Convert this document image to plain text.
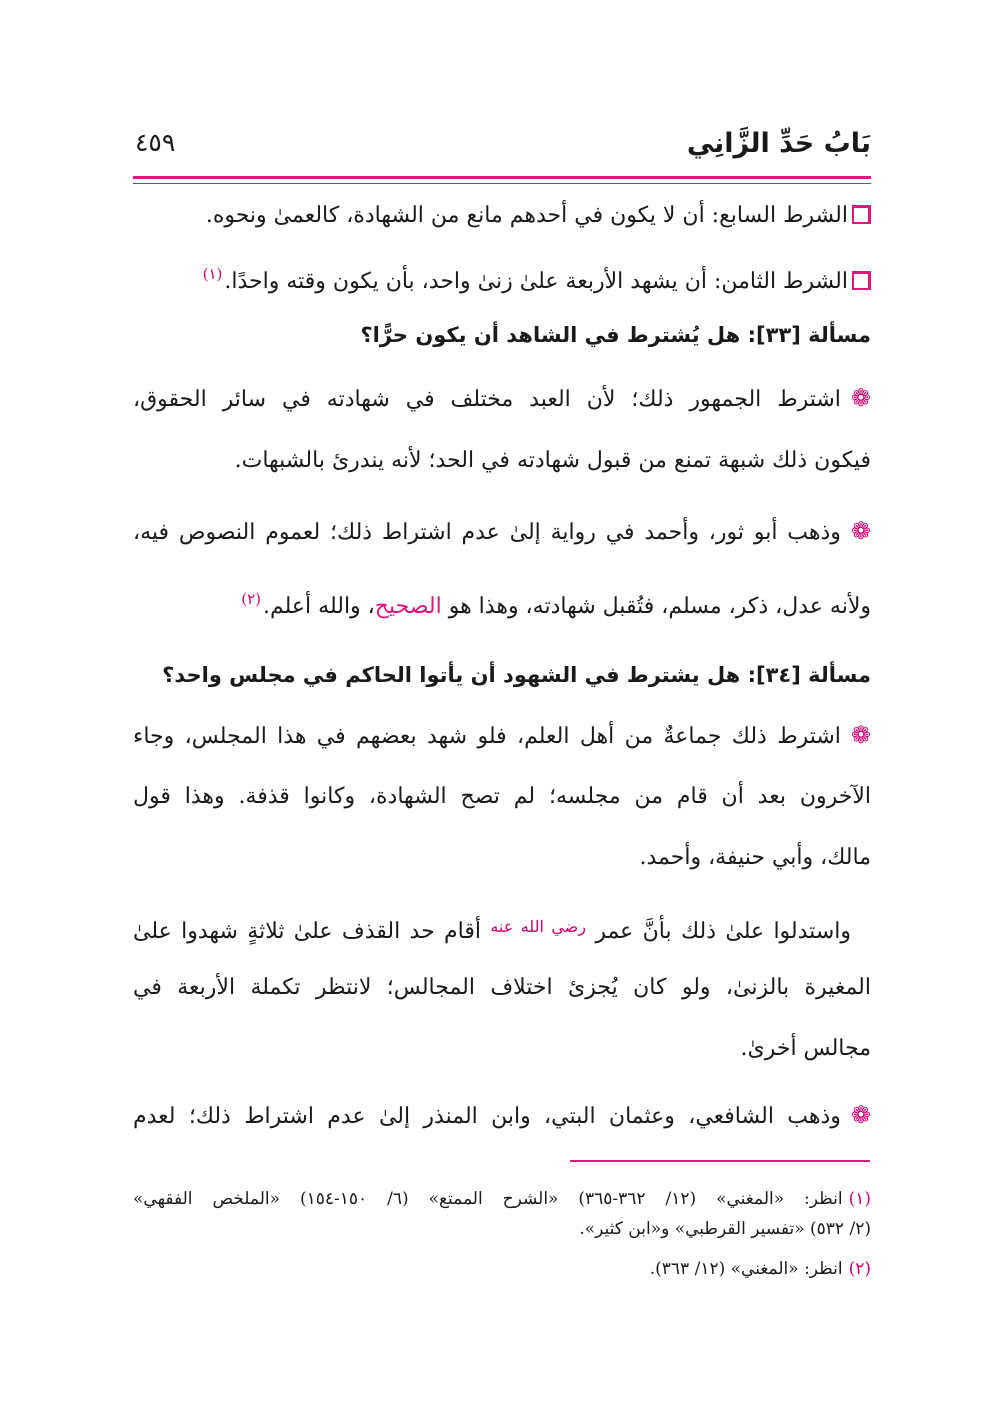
بَابُ حَدِّ الزَّانِي
٤٥٩
الشرط السابع: أن لا يكون في أحدهم مانع من الشهادة، كالعمىٰ ونحوه.
الشرط الثامن: أن يشهد الأربعة علىٰ زنىٰ واحد، بأن يكون وقته واحدًا.$^{(١)}$
مسألة [٣٣]: هل يُشترط في الشاهد أن يكون حرًّا؟
❁اشترط الجمهور ذلك؛ لأن العبد مختلف في شهادته في سائر الحقوق،
فيكون ذلك شبهة تمنع من قبول شهادته في الحد؛ لأنه يندرئ بالشبهات.
❁وذهب أبو ثور، وأحمد في رواية إلىٰ عدم اشتراط ذلك؛ لعموم النصوص فيه،
ولأنه عدل، ذكر، مسلم، فتُقبل شهادته، وهذا هو الصحيح، والله أعلم.$^{(٢)}$
مسألة [٣٤]: هل يشترط في الشهود أن يأتوا الحاكم في مجلس واحد؟
❁اشترط ذلك جماعةٌ من أهل العلم، فلو شهد بعضهم في هذا المجلس، وجاء
الآخرون بعد أن قام من مجلسه؛ لم تصح الشهادة، وكانوا قذفة. وهذا قول
مالك، وأبي حنيفة، وأحمد.
واستدلوا علىٰ ذلك بأنَّ عمر $^{رضي الله عنه}$ أقام حد القذف علىٰ ثلاثةٍ شهدوا علىٰ
المغيرة بالزنىٰ، ولو كان يُجزئ اختلاف المجالس؛ لانتظر تكملة الأربعة في
مجالس أخرىٰ.
❁وذهب الشافعي، وعثمان البتي، وابن المنذر إلىٰ عدم اشتراط ذلك؛ لعدم
(١)انظر: «المغني» (١٢/ ٣٦٢-٣٦٥) «الشرح الممتع» (٦/ ١٥٠-١٥٤) «الملخص الفقهي»
(٢/ ٥٣٢) «تفسير القرطبي» و«ابن كثير».
(٢)انظر: «المغني» (١٢/ ٣٦٣).
